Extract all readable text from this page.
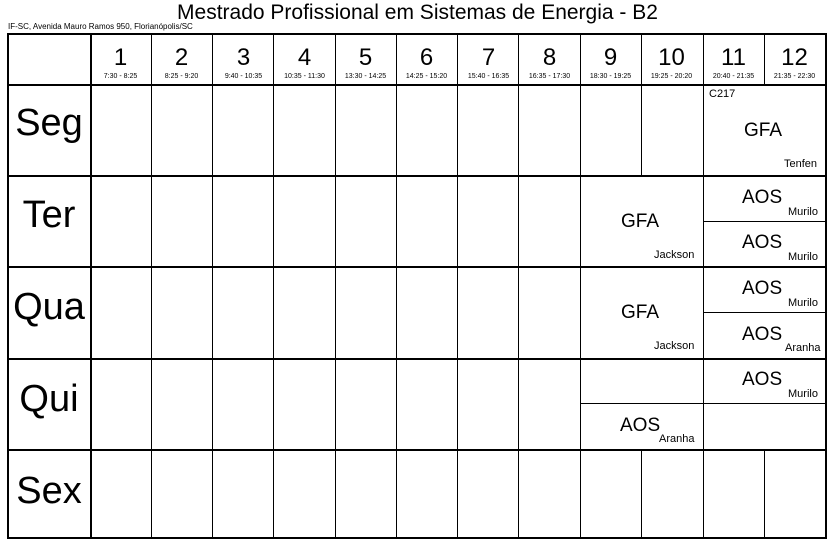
Mestrado Profissional em Sistemas de Energia - B2
IF-SC, Avenida Mauro Ramos 950, Florianópolis/SC
1
7:30 - 8:25
2
8:25 - 9:20
3
9:40 - 10:35
4
10:35 - 11:30
5
13:30 - 14:25
6
14:25 - 15:20
7
15:40 - 16:35
8
16:35 - 17:30
9
18:30 - 19:25
10
19:25 - 20:20
11
20:40 - 21:35
12
21:35 - 22:30
Seg
Ter
Qua
Qui
Sex
C217
GFA
Tenfen
GFA
Jackson
AOS
Murilo
AOS
Murilo
GFA
Jackson
AOS
Murilo
AOS
Aranha
AOS
Murilo
AOS
Aranha
